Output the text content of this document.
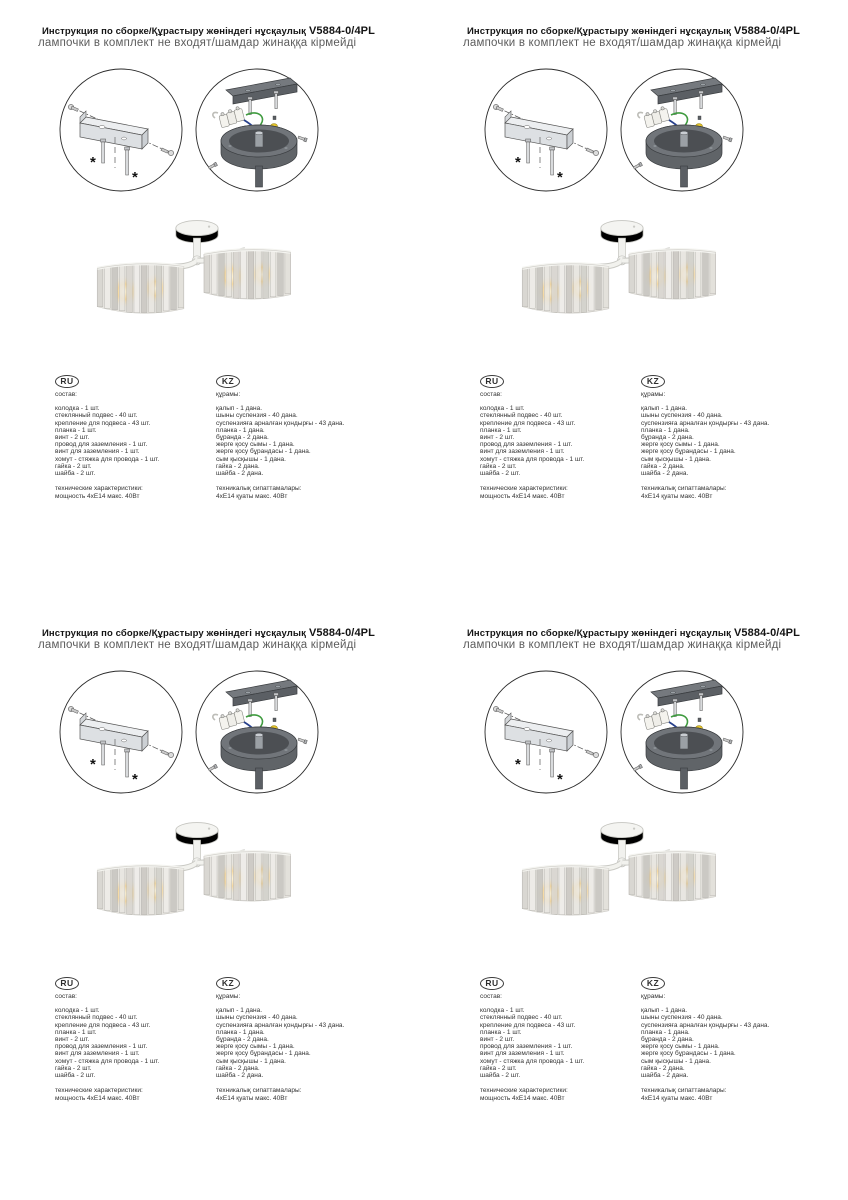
Инструкция по сборке/Құрастыру жөніндегі нұсқаулық V5884-0/4PL
лампочки в комплект не входят/шамдар жинаққа кірмейді
*
*
RU
состав:
колодка - 1 шт.
стеклянный подвес - 40 шт.
крепление для подвеса - 43 шт.
планка - 1 шт.
винт - 2 шт.
провод для заземления - 1 шт.
винт для заземления - 1 шт.
хомут - стяжка для провода - 1 шт.
гайка - 2 шт.
шайба - 2 шт.
технические характеристики:
мощность 4хЕ14 макс. 40Вт
KZ
құрамы:
қалып - 1 дана.
шыны суспензия - 40 дана.
суспензияға арналған қондырғы - 43 дана.
планка - 1 дана.
бұранда - 2 дана.
жерге қосу сымы - 1 дана.
жерге қосу бұрандасы - 1 дана.
сым қысқышы - 1 дана.
гайка - 2 дана.
шайба - 2 дана.
техникалық сипаттамалары:
4хЕ14 қуаты макс. 40Вт
Инструкция по сборке/Құрастыру жөніндегі нұсқаулық V5884-0/4PL
лампочки в комплект не входят/шамдар жинаққа кірмейді
*
*
RU
состав:
колодка - 1 шт.
стеклянный подвес - 40 шт.
крепление для подвеса - 43 шт.
планка - 1 шт.
винт - 2 шт.
провод для заземления - 1 шт.
винт для заземления - 1 шт.
хомут - стяжка для провода - 1 шт.
гайка - 2 шт.
шайба - 2 шт.
технические характеристики:
мощность 4хЕ14 макс. 40Вт
KZ
құрамы:
қалып - 1 дана.
шыны суспензия - 40 дана.
суспензияға арналған қондырғы - 43 дана.
планка - 1 дана.
бұранда - 2 дана.
жерге қосу сымы - 1 дана.
жерге қосу бұрандасы - 1 дана.
сым қысқышы - 1 дана.
гайка - 2 дана.
шайба - 2 дана.
техникалық сипаттамалары:
4хЕ14 қуаты макс. 40Вт
Инструкция по сборке/Құрастыру жөніндегі нұсқаулық V5884-0/4PL
лампочки в комплект не входят/шамдар жинаққа кірмейді
*
*
RU
состав:
колодка - 1 шт.
стеклянный подвес - 40 шт.
крепление для подвеса - 43 шт.
планка - 1 шт.
винт - 2 шт.
провод для заземления - 1 шт.
винт для заземления - 1 шт.
хомут - стяжка для провода - 1 шт.
гайка - 2 шт.
шайба - 2 шт.
технические характеристики:
мощность 4хЕ14 макс. 40Вт
KZ
құрамы:
қалып - 1 дана.
шыны суспензия - 40 дана.
суспензияға арналған қондырғы - 43 дана.
планка - 1 дана.
бұранда - 2 дана.
жерге қосу сымы - 1 дана.
жерге қосу бұрандасы - 1 дана.
сым қысқышы - 1 дана.
гайка - 2 дана.
шайба - 2 дана.
техникалық сипаттамалары:
4хЕ14 қуаты макс. 40Вт
Инструкция по сборке/Құрастыру жөніндегі нұсқаулық V5884-0/4PL
лампочки в комплект не входят/шамдар жинаққа кірмейді
*
*
RU
состав:
колодка - 1 шт.
стеклянный подвес - 40 шт.
крепление для подвеса - 43 шт.
планка - 1 шт.
винт - 2 шт.
провод для заземления - 1 шт.
винт для заземления - 1 шт.
хомут - стяжка для провода - 1 шт.
гайка - 2 шт.
шайба - 2 шт.
технические характеристики:
мощность 4хЕ14 макс. 40Вт
KZ
құрамы:
қалып - 1 дана.
шыны суспензия - 40 дана.
суспензияға арналған қондырғы - 43 дана.
планка - 1 дана.
бұранда - 2 дана.
жерге қосу сымы - 1 дана.
жерге қосу бұрандасы - 1 дана.
сым қысқышы - 1 дана.
гайка - 2 дана.
шайба - 2 дана.
техникалық сипаттамалары:
4хЕ14 қуаты макс. 40Вт
